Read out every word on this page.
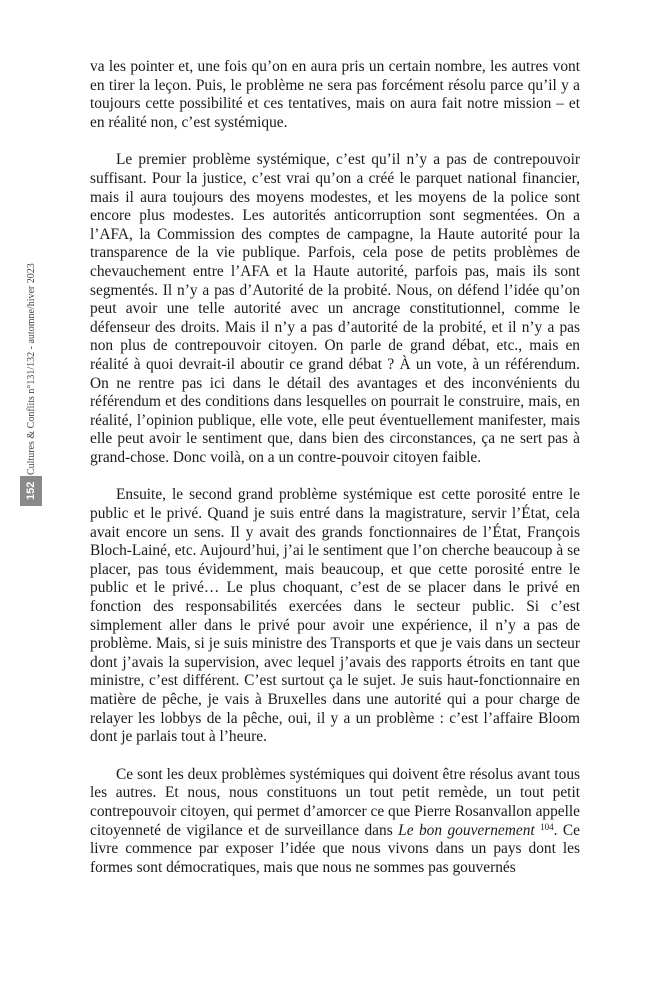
Cultures & Conflits n°131/132 - automne/hiver 2023
152

va les pointer et, une fois qu’on en aura pris un certain nombre, les autres vont en tirer la leçon. Puis, le problème ne sera pas forcément résolu parce qu’il y a toujours cette possibilité et ces tentatives, mais on aura fait notre mission – et en réalité non, c’est systémique.

Le premier problème systémique, c’est qu’il n’y a pas de contrepouvoir suffisant. Pour la justice, c’est vrai qu’on a créé le parquet national financier, mais il aura toujours des moyens modestes, et les moyens de la police sont encore plus modestes. Les autorités anticorruption sont segmentées. On a l’AFA, la Commission des comptes de campagne, la Haute autorité pour la transparence de la vie publique. Parfois, cela pose de petits problèmes de chevauchement entre l’AFA et la Haute autorité, parfois pas, mais ils sont segmentés. Il n’y a pas d’Autorité de la probité. Nous, on défend l’idée qu’on peut avoir une telle autorité avec un ancrage constitutionnel, comme le défenseur des droits. Mais il n’y a pas d’autorité de la probité, et il n’y a pas non plus de contrepouvoir citoyen. On parle de grand débat, etc., mais en réalité à quoi devrait-il aboutir ce grand débat ? À un vote, à un référendum. On ne rentre pas ici dans le détail des avantages et des inconvénients du référendum et des conditions dans lesquelles on pourrait le construire, mais, en réalité, l’opinion publique, elle vote, elle peut éventuellement manifester, mais elle peut avoir le sentiment que, dans bien des circonstances, ça ne sert pas à grand-chose. Donc voilà, on a un contre-pouvoir citoyen faible.

Ensuite, le second grand problème systémique est cette porosité entre le public et le privé. Quand je suis entré dans la magistrature, servir l’État, cela avait encore un sens. Il y avait des grands fonctionnaires de l’État, François Bloch-Lainé, etc. Aujourd’hui, j’ai le sentiment que l’on cherche beaucoup à se placer, pas tous évidemment, mais beaucoup, et que cette porosité entre le public et le privé… Le plus choquant, c’est de se placer dans le privé en fonction des responsabilités exercées dans le secteur public. Si c’est simplement aller dans le privé pour avoir une expérience, il n’y a pas de problème. Mais, si je suis ministre des Transports et que je vais dans un secteur dont j’avais la supervision, avec lequel j’avais des rapports étroits en tant que ministre, c’est différent. C’est surtout ça le sujet. Je suis haut-fonctionnaire en matière de pêche, je vais à Bruxelles dans une autorité qui a pour charge de relayer les lobbys de la pêche, oui, il y a un problème : c’est l’affaire Bloom dont je parlais tout à l’heure.

Ce sont les deux problèmes systémiques qui doivent être résolus avant tous les autres. Et nous, nous constituons un tout petit remède, un tout petit contrepouvoir citoyen, qui permet d’amorcer ce que Pierre Rosanvallon appelle citoyenneté de vigilance et de surveillance dans Le bon gouvernement $^{104}$. Ce livre commence par exposer l’idée que nous vivons dans un pays dont les formes sont démocratiques, mais que nous ne sommes pas gouvernés
